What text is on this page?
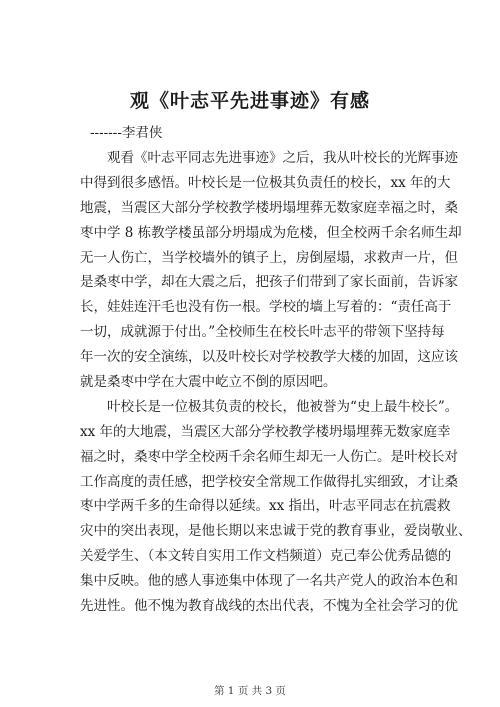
观《叶志平先进事迹》有感
-------李君侠
观看《叶志平同志先进事迹》之后，我从叶校长的光辉事迹
中得到很多感悟。叶校长是一位极其负责任的校长，xx 年的大
地震，当震区大部分学校教学楼坍塌埋葬无数家庭幸福之时，桑
枣中学 8 栋教学楼虽部分坍塌成为危楼，但全校两千余名师生却
无一人伤亡，当学校墙外的镇子上，房倒屋塌，求救声一片，但
是桑枣中学，却在大震之后，把孩子们带到了家长面前，告诉家
长，娃娃连汗毛也没有伤一根。学校的墙上写着的：“责任高于
一切，成就源于付出。”全校师生在校长叶志平的带领下坚持每
年一次的安全演练，以及叶校长对学校教学大楼的加固，这应该
就是桑枣中学在大震中屹立不倒的原因吧。
叶校长是一位极其负责的校长，他被誉为“史上最牛校长”。
xx 年的大地震，当震区大部分学校教学楼坍塌埋葬无数家庭幸
福之时，桑枣中学全校两千余名师生却无一人伤亡。是叶校长对
工作高度的责任感，把学校安全常规工作做得扎实细致，才让桑
枣中学两千多的生命得以延续。xx 指出，叶志平同志在抗震救
灾中的突出表现，是他长期以来忠诚于党的教育事业，爱岗敬业、
关爱学生、（本文转自实用工作文档频道）克己奉公优秀品德的
集中反映。他的感人事迹集中体现了一名共产党人的政治本色和
先进性。他不愧为教育战线的杰出代表，不愧为全社会学习的优
第 1 页 共 3 页
